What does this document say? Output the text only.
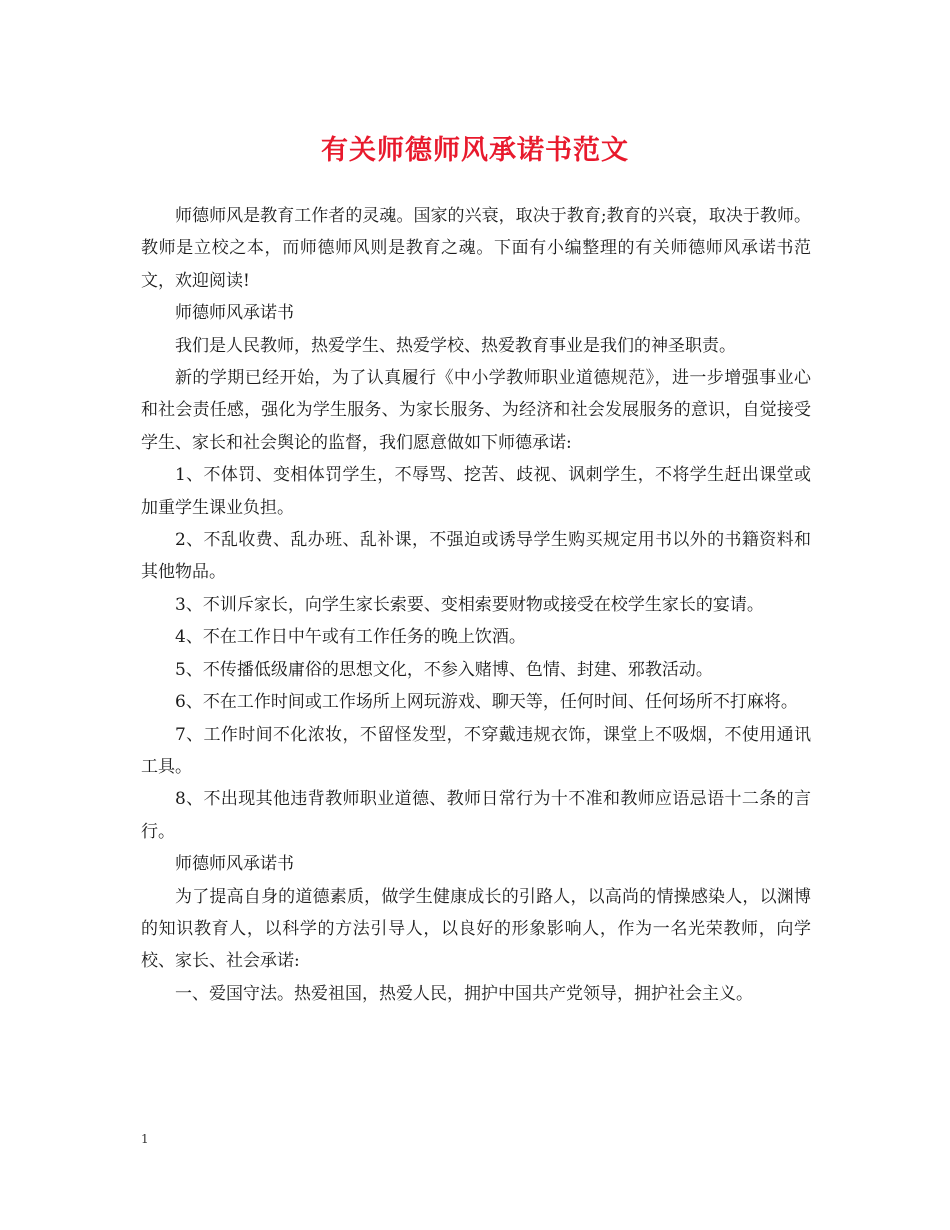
有关师德师风承诺书范文

师德师风是教育工作者的灵魂。国家的兴衰，取决于教育;教育的兴衰，取决于教师。 教师是立校之本，而师德师风则是教育之魂。下面有小编整理的有关师德师风承诺书范文，欢迎阅读!

师德师风承诺书

我们是人民教师，热爱学生、热爱学校、热爱教育事业是我们的神圣职责。

新的学期已经开始，为了认真履行《中小学教师职业道德规范》，进一步增强事业心和社会责任感，强化为学生服务、为家长服务、为经济和社会发展服务的意识，自觉接受学生、家长和社会舆论的监督，我们愿意做如下师德承诺:

1、不体罚、变相体罚学生，不辱骂、挖苦、歧视、讽刺学生，不将学生赶出课堂或加重学生课业负担。

2、不乱收费、乱办班、乱补课，不强迫或诱导学生购买规定用书以外的书籍资料和其他物品。

3、不训斥家长，向学生家长索要、变相索要财物或接受在校学生家长的宴请。

4、不在工作日中午或有工作任务的晚上饮酒。

5、不传播低级庸俗的思想文化，不参入赌博、色情、封建、邪教活动。

6、不在工作时间或工作场所上网玩游戏、聊天等，任何时间、任何场所不打麻将。

7、工作时间不化浓妆，不留怪发型，不穿戴违规衣饰，课堂上不吸烟，不使用通讯工具。

8、不出现其他违背教师职业道德、教师日常行为十不准和教师应语忌语十二条的言行。

师德师风承诺书

为了提高自身的道德素质，做学生健康成长的引路人，以高尚的情操感染人，以渊博的知识教育人，以科学的方法引导人，以良好的形象影响人，作为一名光荣教师，向学校、家长、社会承诺:

一、爱国守法。热爱祖国，热爱人民，拥护中国共产党领导，拥护社会主义。

1
